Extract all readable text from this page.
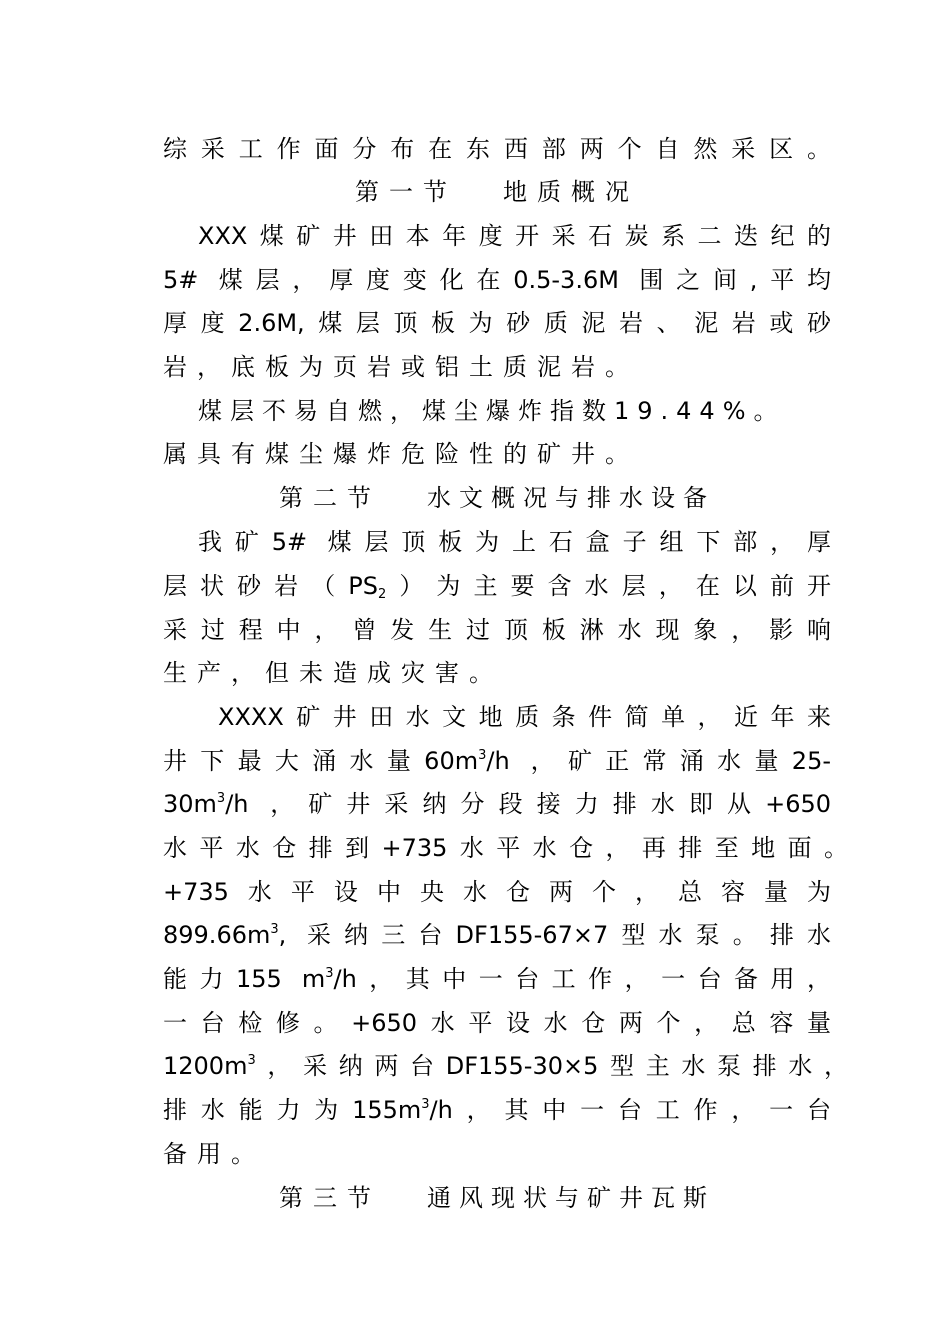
综采工作面分布在东西部两个自然采区。
第一节 地质概况
XXX煤矿井田本年度开采石炭系二迭纪的
5# 煤层，厚度变化在0.5-3.6M 围之间,平均
厚度2.6M,煤层顶板为砂质泥岩、泥岩或砂
岩，底板为页岩或铝土质泥岩。
煤层不易自燃，煤尘爆炸指数19.44%。
属具有煤尘爆炸危险性的矿井。
第二节 水文概况与排水设备
我矿5# 煤层顶板为上石盒子组下部，厚
层状砂岩$(PS_2)$为主要含水层，在以前开
采过程中，曾发生过顶板淋水现象，影响
生产，但未造成灾害。
XXXX矿井田水文地质条件简单，近年来
井下最大涌水量$60m^3/h$ ，矿正常涌水量25-
$30m^3/h$ ，矿井采纳分段接力排水即从+650
水平水仓排到+735水平水仓，再排至地面。
+735水平设中央水仓两个，总容量为
$899.66m^3$, 采纳三台DF155-67×7型水泵。排水
能力155 $m^3/h$，其中一台工作，一台备用，
一台检修。+650水平设水仓两个，总容量
$1200m^3$，采纳两台DF155-30×5型主水泵排水，
排水能力为$155m^3/h$，其中一台工作，一台
备用。
第三节 通风现状与矿井瓦斯
